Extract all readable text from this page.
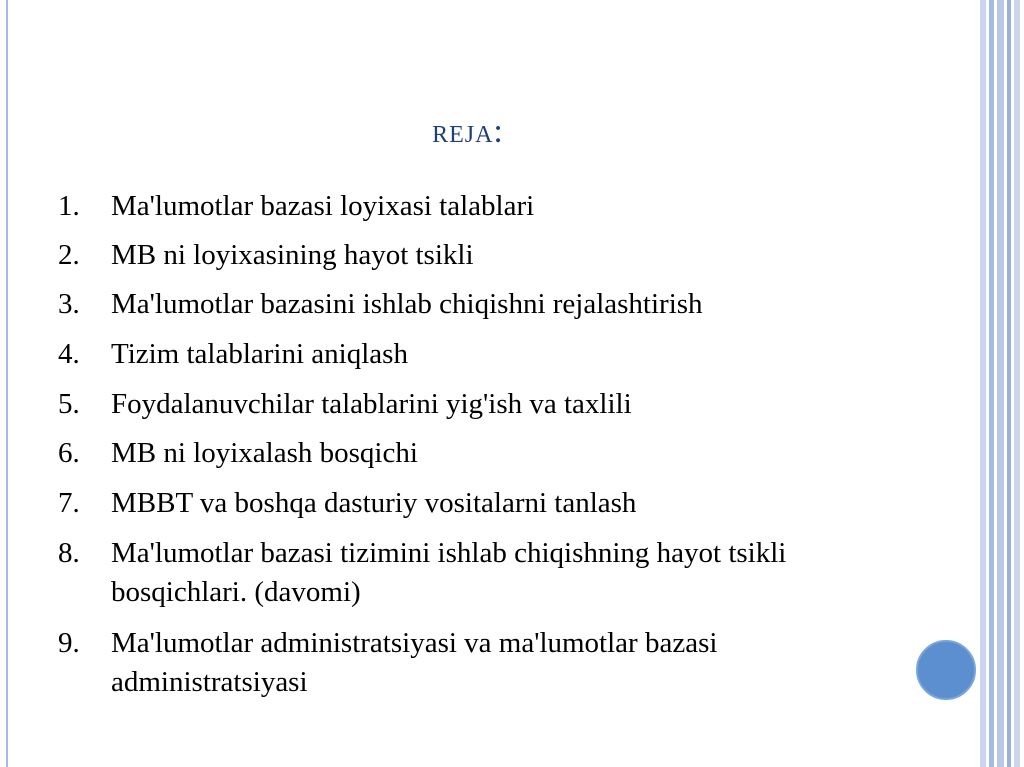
reja:
1.	Ma'lumotlar bazasi loyixasi talablari
2.	MB ni loyixasining hayot tsikli
3.	Ma'lumotlar bazasini ishlab chiqishni rejalashtirish
4.	Tizim talablarini aniqlash
5.	Foydalanuvchilar talablarini yig'ish va taxlili
6.	MB ni loyixalash bosqichi
7.	MBBT va boshqa dasturiy vositalarni tanlash
8.	Ma'lumotlar bazasi tizimini ishlab chiqishning hayot tsikli bosqichlari. (davomi)
9.	Ma'lumotlar administratsiyasi va ma'lumotlar bazasi administratsiyasi
